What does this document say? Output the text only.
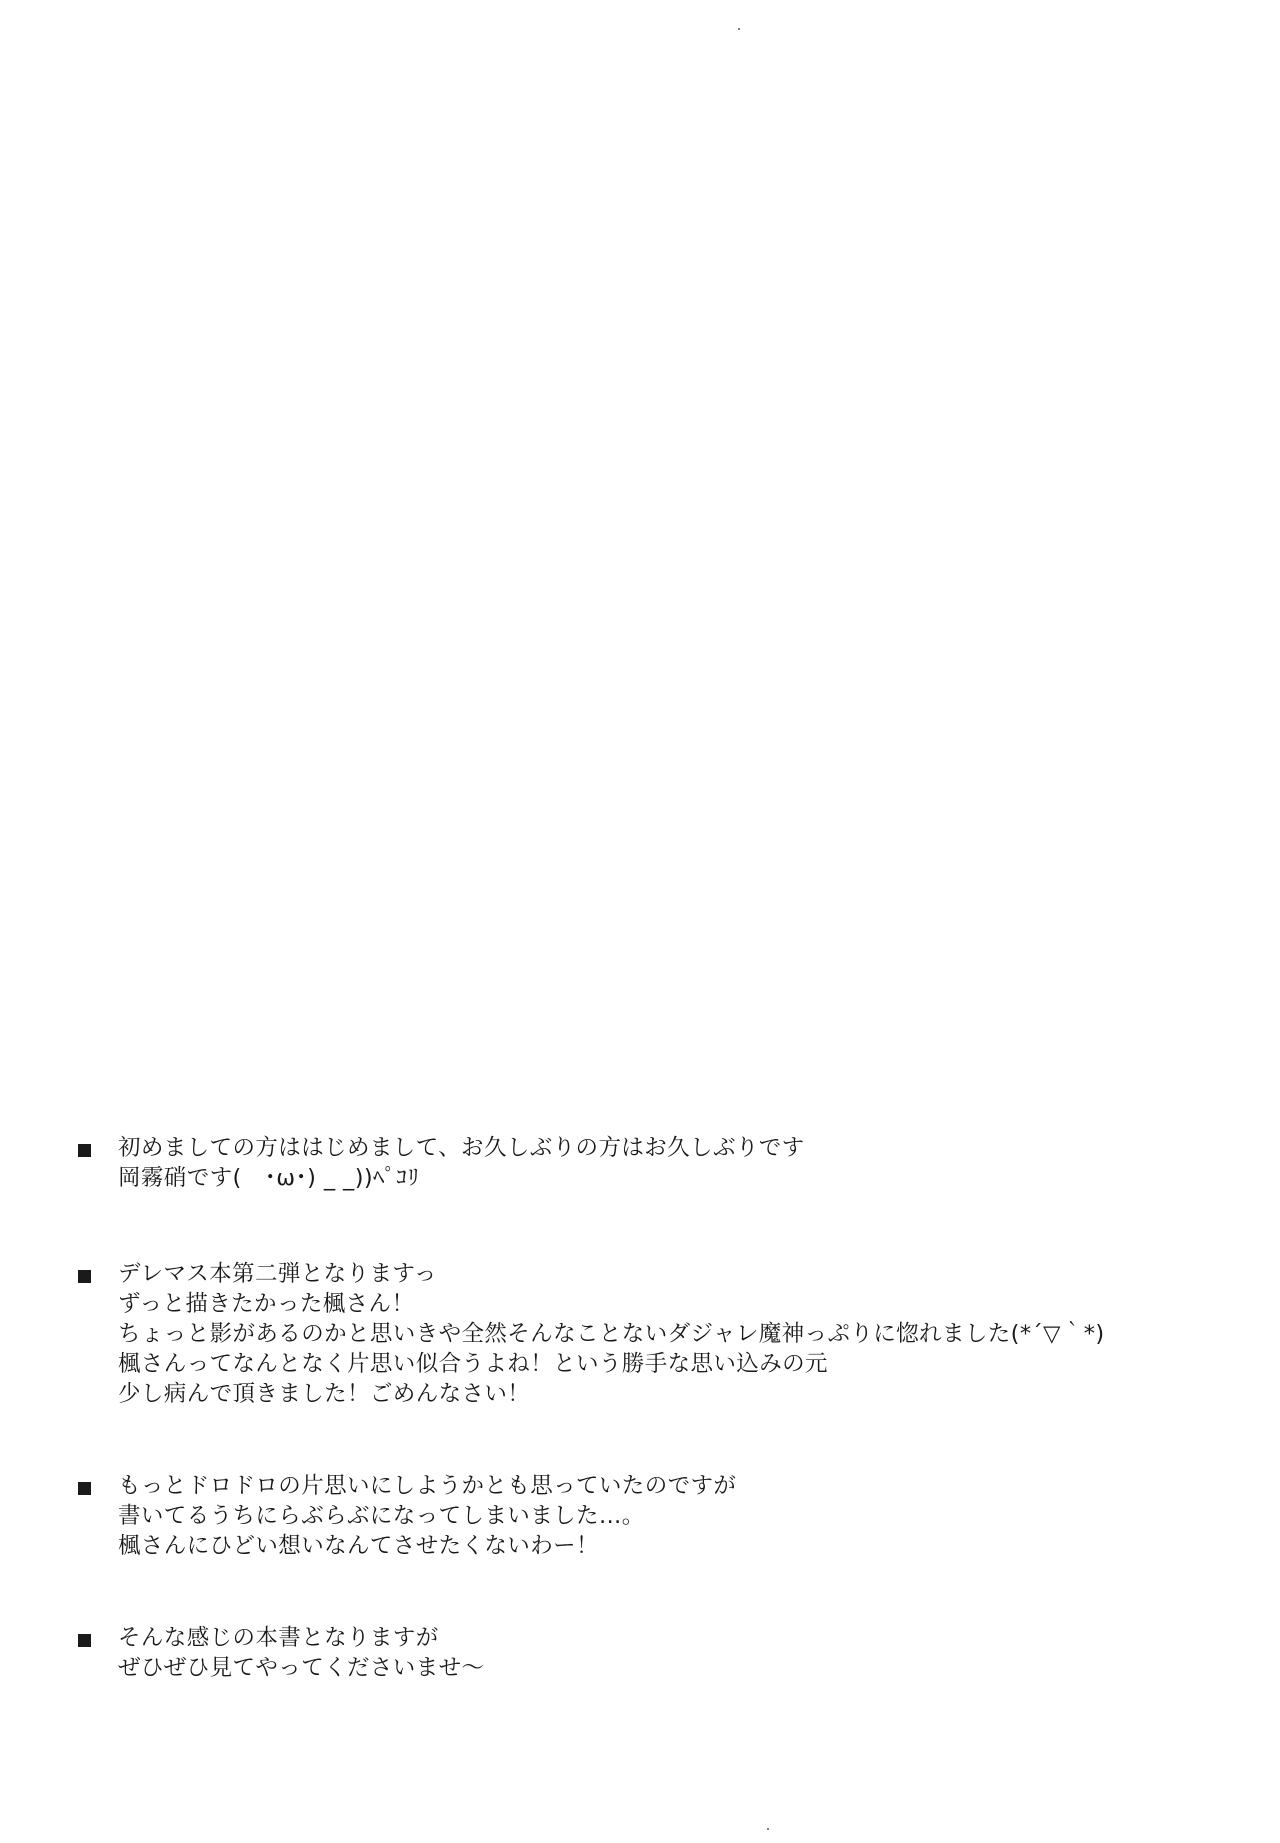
初めましての方ははじめまして、お久しぶりの方はお久しぶりです
岡霧硝です(　･ω･) _ _))ﾍﾟｺﾘ
デレマス本第二弾となりますっ
ずっと描きたかった楓さん！
ちょっと影があるのかと思いきや全然そんなことないダジャレ魔神っぷりに惚れました(*´▽｀*)
楓さんってなんとなく片思い似合うよね！という勝手な思い込みの元
少し病んで頂きました！ごめんなさい！
もっとドロドロの片思いにしようかとも思っていたのですが
書いてるうちにらぶらぶになってしまいました…。
楓さんにひどい想いなんてさせたくないわー！
そんな感じの本書となりますが
ぜひぜひ見てやってくださいませ～
